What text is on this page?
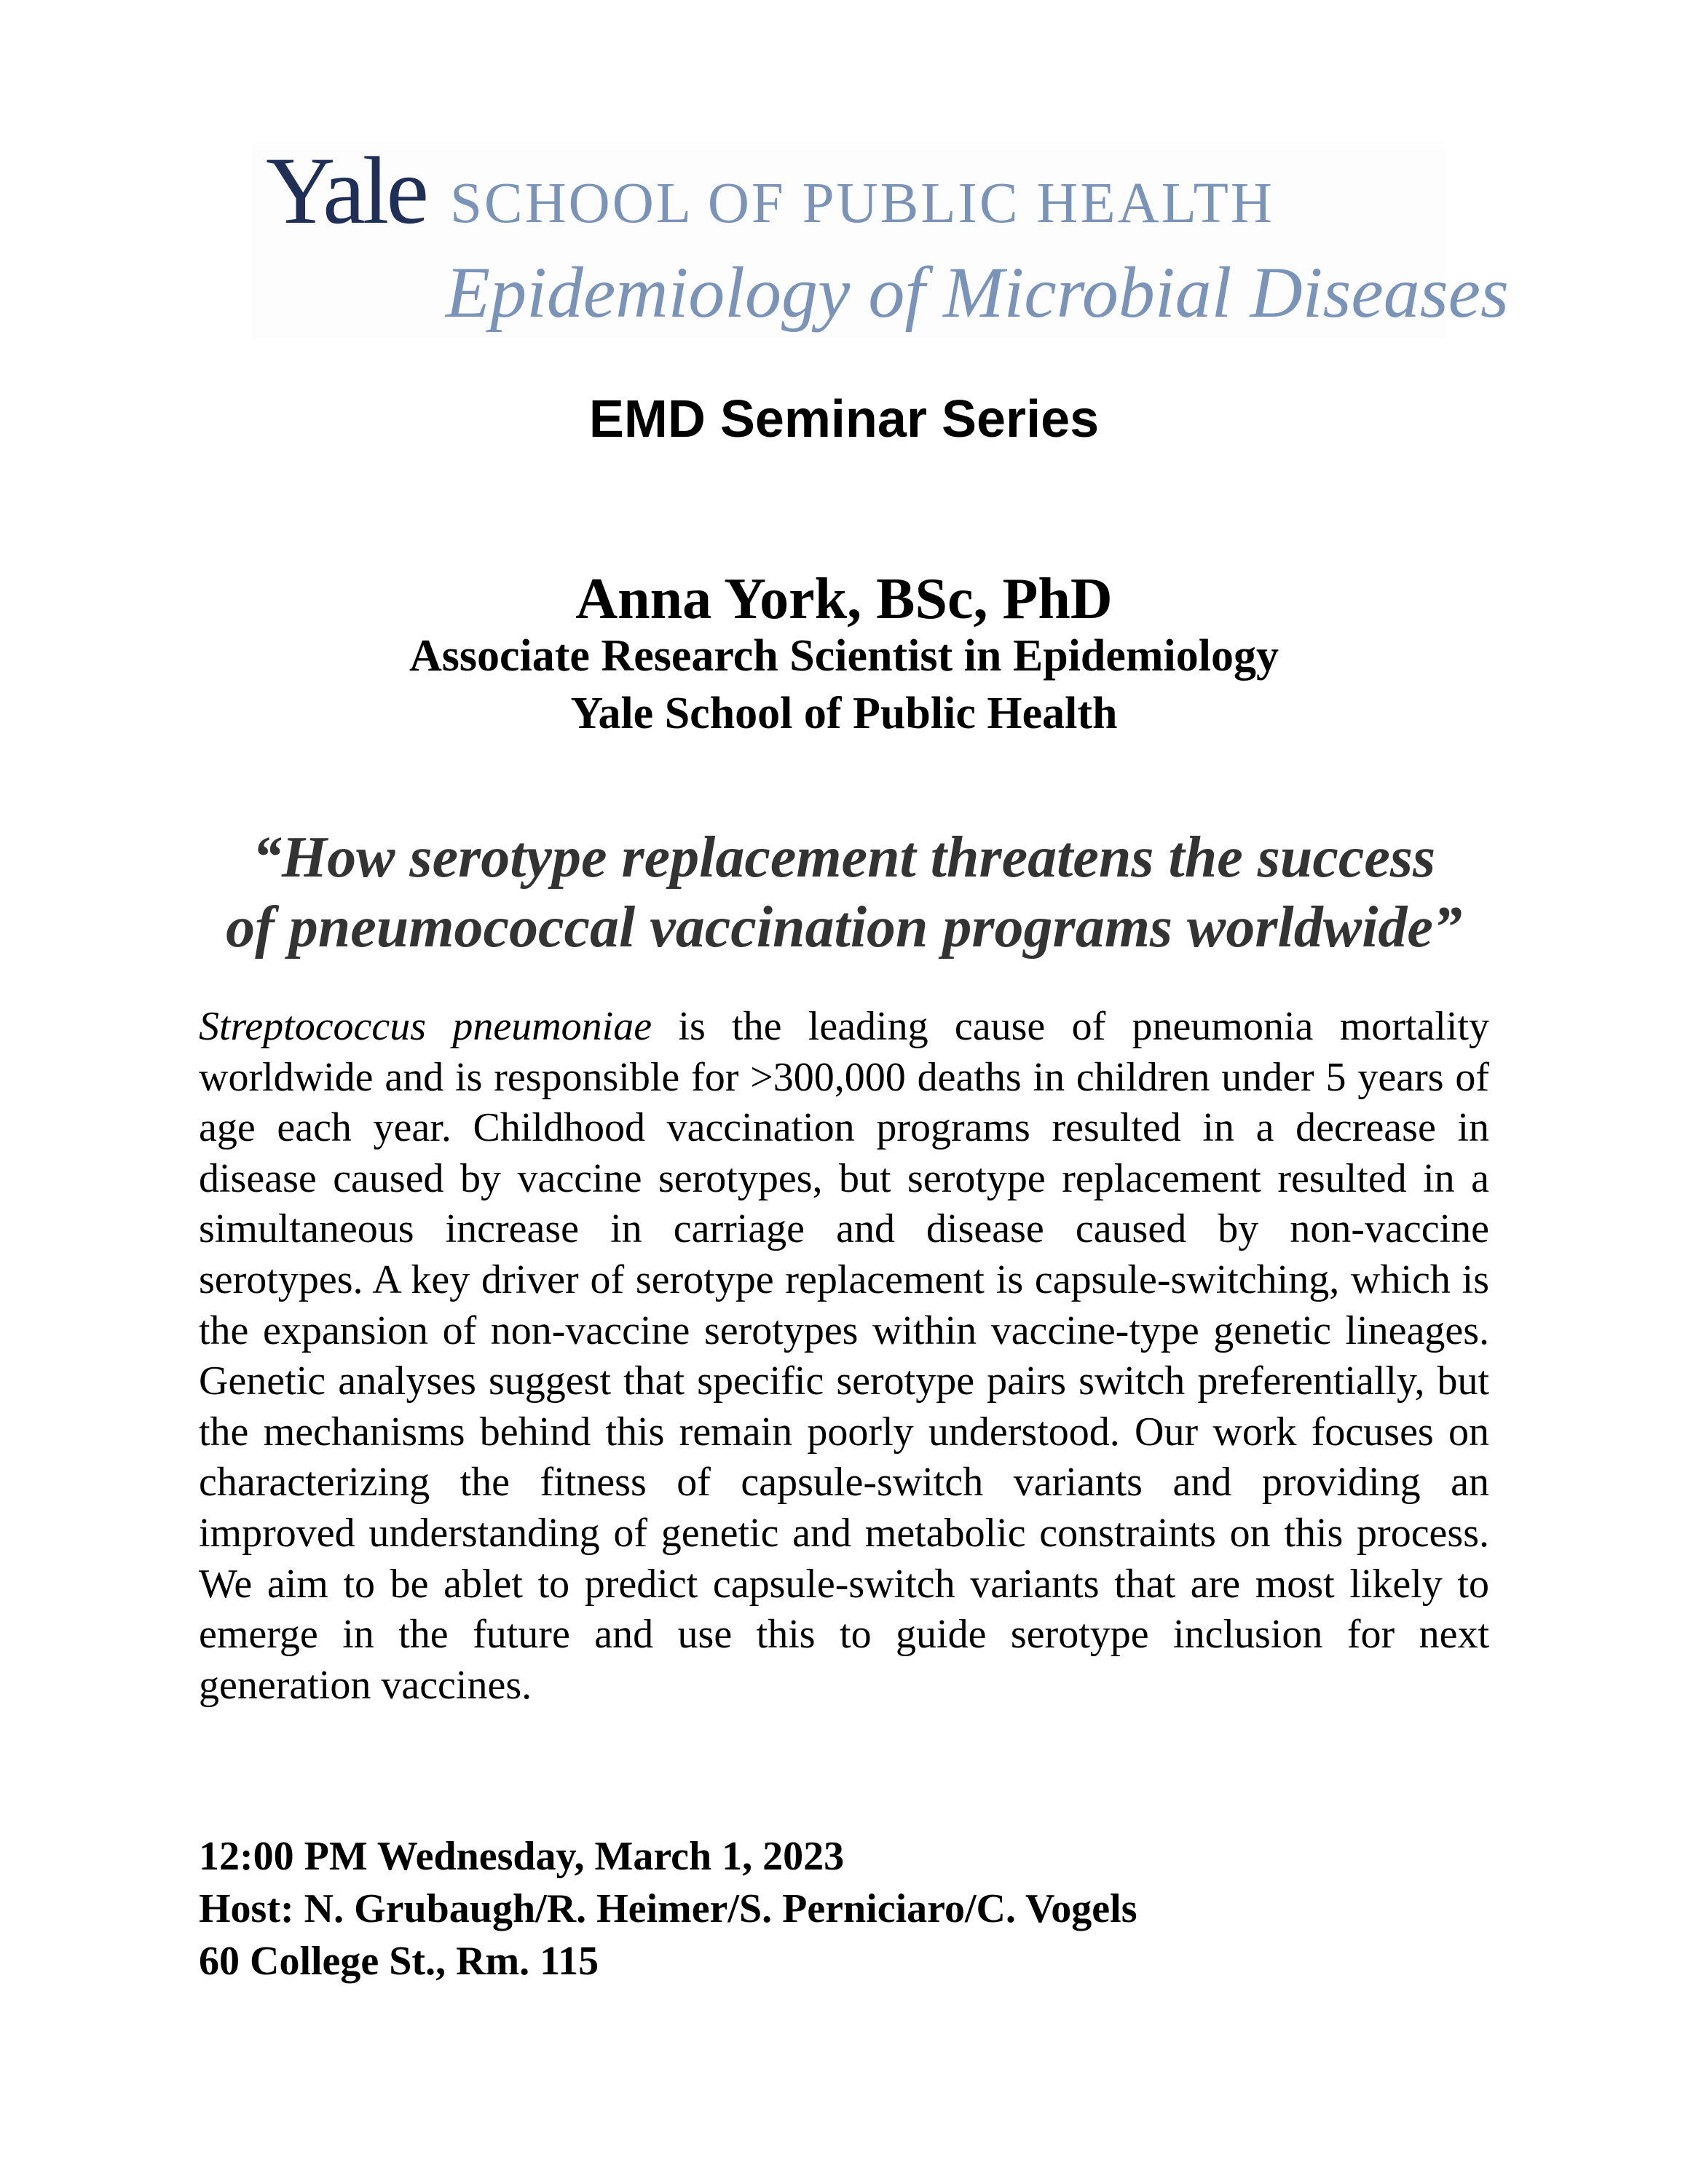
Yale SCHOOL OF PUBLIC HEALTH
Epidemiology of Microbial Diseases
EMD Seminar Series
Anna York, BSc, PhD
Associate Research Scientist in Epidemiology
Yale School of Public Health
“How serotype replacement threatens the success
of pneumococcal vaccination programs worldwide”
Streptococcus pneumoniae is the leading cause of pneumonia mortality worldwide and is responsible for >300,000 deaths in children under 5 years of age each year. Childhood vaccination programs resulted in a decrease in disease caused by vaccine serotypes, but serotype replacement resulted in a simultaneous increase in carriage and disease caused by non-vaccine serotypes. A key driver of serotype replacement is capsule-switching, which is the expansion of non-vaccine serotypes within vaccine-type genetic lineages. Genetic analyses suggest that specific serotype pairs switch preferentially, but the mechanisms behind this remain poorly understood. Our work focuses on characterizing the fitness of capsule-switch variants and providing an improved understanding of genetic and metabolic constraints on this process. We aim to be ablet to predict capsule-switch variants that are most likely to emerge in the future and use this to guide serotype inclusion for next generation vaccines.
12:00 PM Wednesday, March 1, 2023
Host: N. Grubaugh/R. Heimer/S. Perniciaro/C. Vogels
60 College St., Rm. 115
